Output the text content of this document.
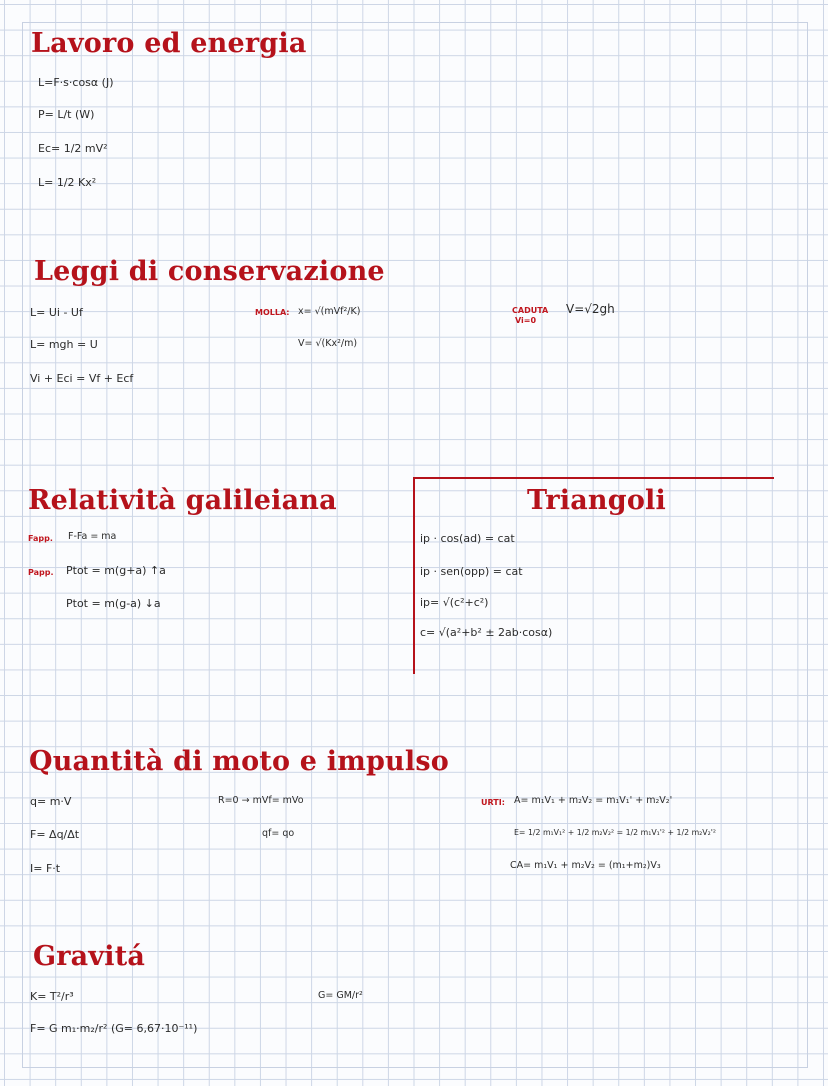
Lavoro ed energia
L=F·s·cosα (J)
P= L/t (W)
Ec= 1/2 mV²
L= 1/2 Kx²
Leggi di conservazione
L= Ui - Uf
L= mgh = U
Vi + Eci = Vf + Ecf
MOLLA: x= √(mVf²/K)
V= √(Kx²/m)
CADUTA
Vi=0
V=√2gh
Relatività galileiana
Fapp. F-Fa = ma
Papp. Ptot = m(g+a) ↑a
Ptot = m(g-a) ↓a
Triangoli
ip · cos(ad) = cat
ip · sen(opp) = cat
ip= √(c²+c²)
c= √(a²+b² ± 2ab·cosα)
Quantità di moto e impulso
q= m·V
F= Δq/Δt
I= F·t
R=0 → mVf= mVo
qf= qo
URTI: A= m₁V₁ + m₂V₂ = m₁V₁' + m₂V₂'
E= 1/2 m₁V₁² + 1/2 m₂V₂² = 1/2 m₁V₁'² + 1/2 m₂V₂'²
CA= m₁V₁ + m₂V₂ = (m₁+m₂)V₃
Gravitá
K= T²/r³
F= G m₁·m₂/r² (G= 6,67·10⁻¹¹)
G= GM/r²
